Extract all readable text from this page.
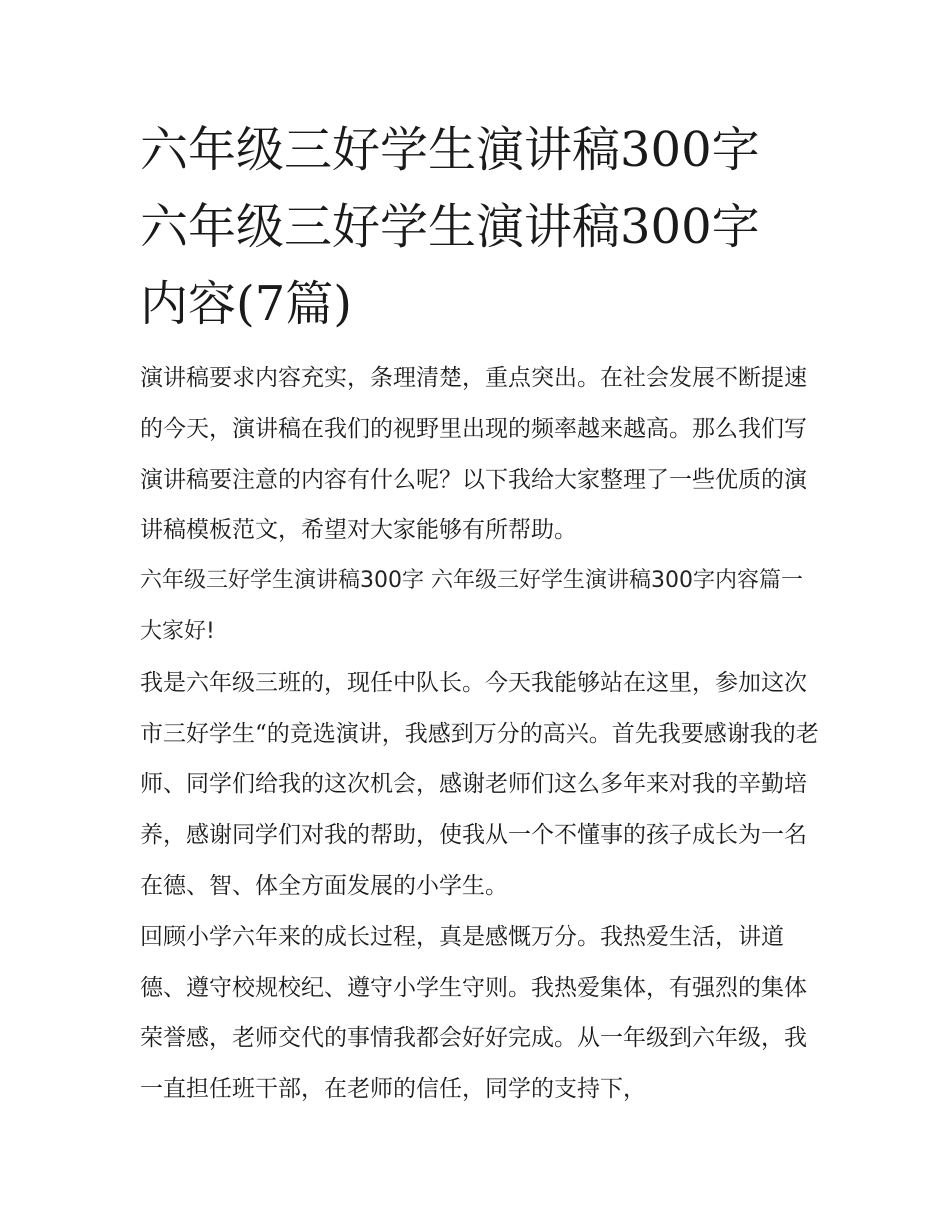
六年级三好学生演讲稿300字
六年级三好学生演讲稿300字
内容(7篇)

演讲稿要求内容充实，条理清楚，重点突出。在社会发展不断提速的今天，演讲稿在我们的视野里出现的频率越来越高。那么我们写演讲稿要注意的内容有什么呢？以下我给大家整理了一些优质的演讲稿模板范文，希望对大家能够有所帮助。

六年级三好学生演讲稿300字 六年级三好学生演讲稿300字内容篇一 大家好!

我是六年级三班的，现任中队长。今天我能够站在这里，参加这次市三好学生“的竞选演讲，我感到万分的高兴。首先我要感谢我的老师、同学们给我的这次机会，感谢老师们这么多年来对我的辛勤培养，感谢同学们对我的帮助，使我从一个不懂事的孩子成长为一名在德、智、体全方面发展的小学生。

回顾小学六年来的成长过程，真是感慨万分。我热爱生活，讲道德、遵守校规校纪、遵守小学生守则。我热爱集体，有强烈的集体荣誉感，老师交代的事情我都会好好完成。从一年级到六年级，我一直担任班干部，在老师的信任，同学的支持下，
